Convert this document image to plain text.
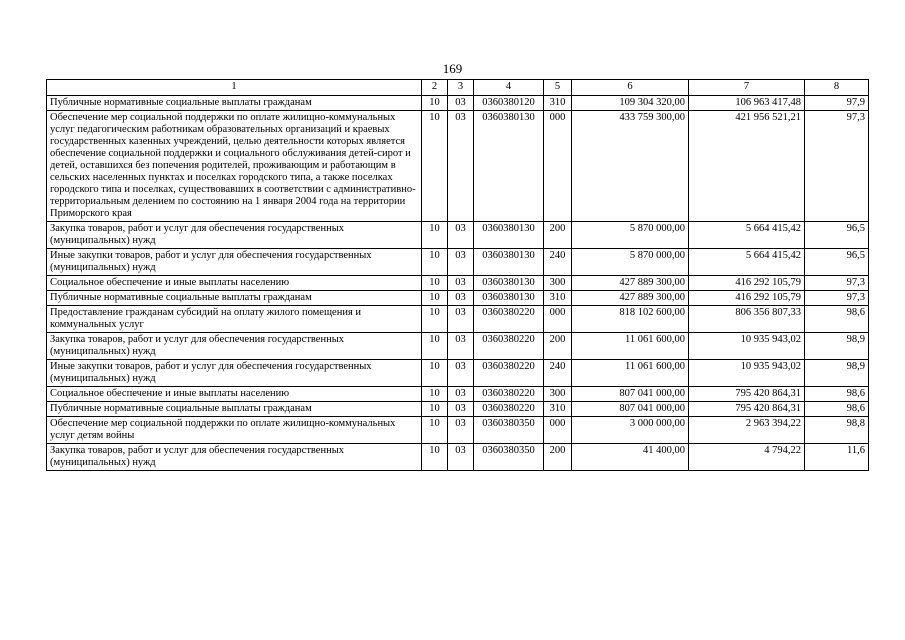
169
1	2	3	4	5	6	7	8
Публичные нормативные социальные выплаты гражданам	10	03	0360380120	310	109 304 320,00	106 963 417,48	97,9
Обеспечение мер социальной поддержки по оплате жилищно-коммунальных услуг педагогическим работникам образовательных организаций и краевых государственных казенных учреждений, целью деятельности которых является обеспечение социальной поддержки и социального обслуживания детей-сирот и детей, оставшихся без попечения родителей, проживающим и работающим в сельских населенных пунктах и поселках городского типа, а также поселках городского типа и поселках, существовавших в соответствии с административно-территориальным делением по состоянию на 1 января 2004 года на территории Приморского края	10	03	0360380130	000	433 759 300,00	421 956 521,21	97,3
Закупка товаров, работ и услуг для обеспечения государственных (муниципальных) нужд	10	03	0360380130	200	5 870 000,00	5 664 415,42	96,5
Иные закупки товаров, работ и услуг для обеспечения государственных (муниципальных) нужд	10	03	0360380130	240	5 870 000,00	5 664 415,42	96,5
Социальное обеспечение и иные выплаты населению	10	03	0360380130	300	427 889 300,00	416 292 105,79	97,3
Публичные нормативные социальные выплаты гражданам	10	03	0360380130	310	427 889 300,00	416 292 105,79	97,3
Предоставление гражданам субсидий на оплату жилого помещения и коммунальных услуг	10	03	0360380220	000	818 102 600,00	806 356 807,33	98,6
Закупка товаров, работ и услуг для обеспечения государственных (муниципальных) нужд	10	03	0360380220	200	11 061 600,00	10 935 943,02	98,9
Иные закупки товаров, работ и услуг для обеспечения государственных (муниципальных) нужд	10	03	0360380220	240	11 061 600,00	10 935 943,02	98,9
Социальное обеспечение и иные выплаты населению	10	03	0360380220	300	807 041 000,00	795 420 864,31	98,6
Публичные нормативные социальные выплаты гражданам	10	03	0360380220	310	807 041 000,00	795 420 864,31	98,6
Обеспечение мер социальной поддержки по оплате жилищно-коммунальных услуг детям войны	10	03	0360380350	000	3 000 000,00	2 963 394,22	98,8
Закупка товаров, работ и услуг для обеспечения государственных (муниципальных) нужд	10	03	0360380350	200	41 400,00	4 794,22	11,6
